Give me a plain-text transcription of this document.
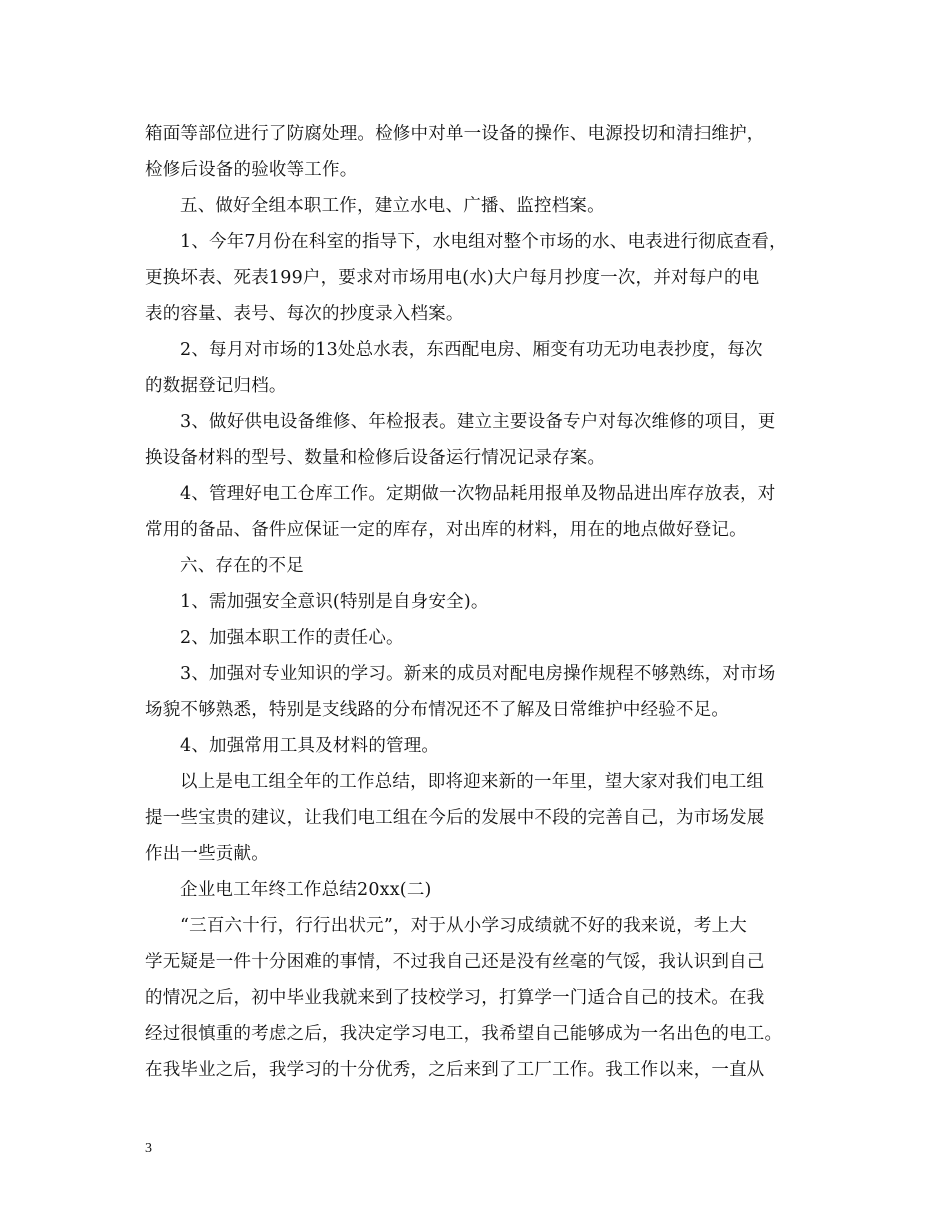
箱面等部位进行了防腐处理。检修中对单一设备的操作、电源投切和清扫维护，
检修后设备的验收等工作。
五、做好全组本职工作，建立水电、广播、监控档案。
1、今年7月份在科室的指导下，水电组对整个市场的水、电表进行彻底查看，
更换坏表、死表199户，要求对市场用电(水)大户每月抄度一次，并对每户的电
表的容量、表号、每次的抄度录入档案。
2、每月对市场的13处总水表，东西配电房、厢变有功无功电表抄度，每次
的数据登记归档。
3、做好供电设备维修、年检报表。建立主要设备专户对每次维修的项目，更
换设备材料的型号、数量和检修后设备运行情况记录存案。
4、管理好电工仓库工作。定期做一次物品耗用报单及物品进出库存放表，对
常用的备品、备件应保证一定的库存，对出库的材料，用在的地点做好登记。
六、存在的不足
1、需加强安全意识(特别是自身安全)。
2、加强本职工作的责任心。
3、加强对专业知识的学习。新来的成员对配电房操作规程不够熟练，对市场
场貌不够熟悉，特别是支线路的分布情况还不了解及日常维护中经验不足。
4、加强常用工具及材料的管理。
以上是电工组全年的工作总结，即将迎来新的一年里，望大家对我们电工组
提一些宝贵的建议，让我们电工组在今后的发展中不段的完善自己，为市场发展
作出一些贡献。
企业电工年终工作总结20xx(二)
“三百六十行，行行出状元”，对于从小学习成绩就不好的我来说，考上大
学无疑是一件十分困难的事情，不过我自己还是没有丝毫的气馁，我认识到自己
的情况之后，初中毕业我就来到了技校学习，打算学一门适合自己的技术。在我
经过很慎重的考虑之后，我决定学习电工，我希望自己能够成为一名出色的电工。
在我毕业之后，我学习的十分优秀，之后来到了工厂工作。我工作以来，一直从
3
